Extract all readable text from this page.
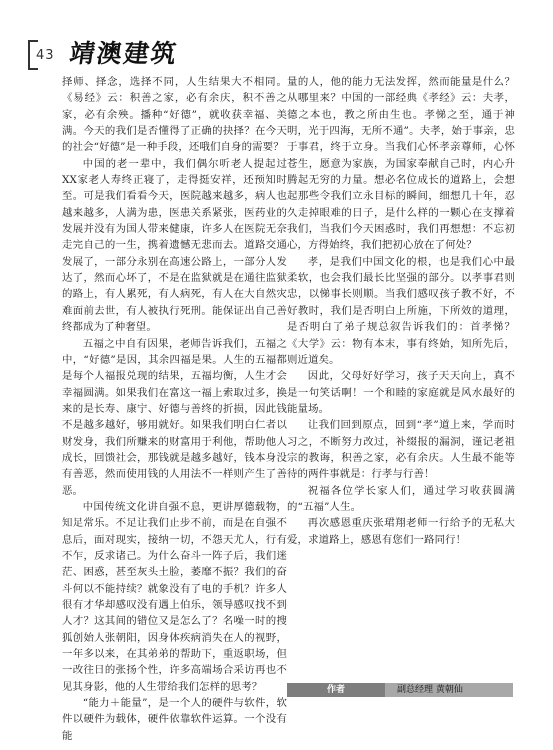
43 靖澳建筑

择师、择念，选择不同，人生结果大不相同。《易经》云：积善之家，必有余庆，积不善之家，必有余殃。播种“好德”，就收获幸福、美满。今天的我们是否懂得了正确的抉择？在今天的社会“好德”是一种手段，还哦们自身的需要？

中国的老一辈中，我们偶尔听老人提起过XX家老人寿终正寝了，走得挺安祥，还预知时至。可是我们看看今天，医院越来越多，病人也越来越多，人满为患，医患关系紧张，医药业的发展并没有为国人带来健康，许多人在医院无奈走完自己的一生，携着遗憾无悲而去。道路交通发展了，一部分永别在高速公路上，一部分人发达了，然而心坏了，不是在监狱就是在通往监狱的路上，有人累死，有人病死，有人在大自然灾难面前去世，有人被执行死刑。能保证出自己善终都成为了种奢望。

五福之中自有因果，老师告诉我们，五福之中，“好德”是因，其余四福是果。人生的五福都是每个人福报兑现的结果，五福均衡，人生才会幸福圆满。如果我们在富这一福上索取过多，换来的是长寿、康宁、好德与善终的折损，因此钱不是越多越好，够用就好。如果我们明白仁者以财发身，我们所赚来的财富用于利他，帮助他人成长，回馈社会，那钱就是越多越好，钱本身没有善恶，然而使用钱的人用法不一样则产生了善恶。

中国传统文化讲自强不息，更讲厚德载物，知足常乐。不足让我们止步不前，而是在自强不息后，面对现实，接纳一切，不怨天尤人，行有不乍，反求诸己。为什么奋斗一阵子后，我们迷茫、困惑，甚至灰头土脸，萎靡不振？我们的奋斗何以不能持续？就象没有了电的手机？许多人很有才华却感叹没有遇上伯乐，领导感叹找不到人才？这其间的错位又是怎么了？名噪一时的搜狐创始人张朝阳，因身体疾病消失在人的视野，一年多以来，在其弟弟的帮助下，重返职场，但一改往日的张扬个性，许多高端场合采访再也不见其身影，他的人生带给我们怎样的思考？

“能力＋能量”，是一个人的硬件与软件，软件以硬件为载体，硬件依靠软件运算。一个没有能

量的人，他的能力无法发挥，然而能量是什么？从哪里来？中国的一部经典《孝经》云：夫孝，德之本也，教之所由生也。孝悌之至，通于神明，光于四海，无所不通”。夫孝，始于事亲，忠于事君，终于立身。当我们心怀孝亲尊师，心怀苍生，愿意为家族，为国家奉献自己时，内心升腾起无穷的力量。想必名位成长的道路上，会想起那些令我们立永目标的瞬间，细想几十年，忍久走掉眼难的日子，是什么样的一颗心在支撑着我们，当我们今天困惑时，我们再想想：不忘初心，方得始终，我们把初心放在了何处？

孝，是我们中国文化的根，也是我们心中最柔软，也会我们最长比坚强的部分。以孝事君则忠，以悌事长则顺。当我们感叹孩子教不好，不好教时，我们是否明白上所施，下所效的道理，是否明白了弟子规总叙告诉我们的：首孝悌？《大学》云：物有本末，事有终始，知所先后，则近道矣。

因此，父母好好学习，孩子天天向上，真不是一句笑话啊！一个和睦的家庭就是风水最好的能量场。

让我们回到原点，回到“孝”道上来，学而时习之，不断努力改过，补缀报的漏洞，谨记老祖宗的教诲，积善之家，必有余庆。人生最不能等待的两件事就是：行孝与行善！

祝福各位学长家人们，通过学习收获圆满的“五福”人生。

再次感恩重庆张珺翔老师一行给予的无私大爱，求道路上，感恩有您们一路同行！

作者	副总经理 黄朝仙
